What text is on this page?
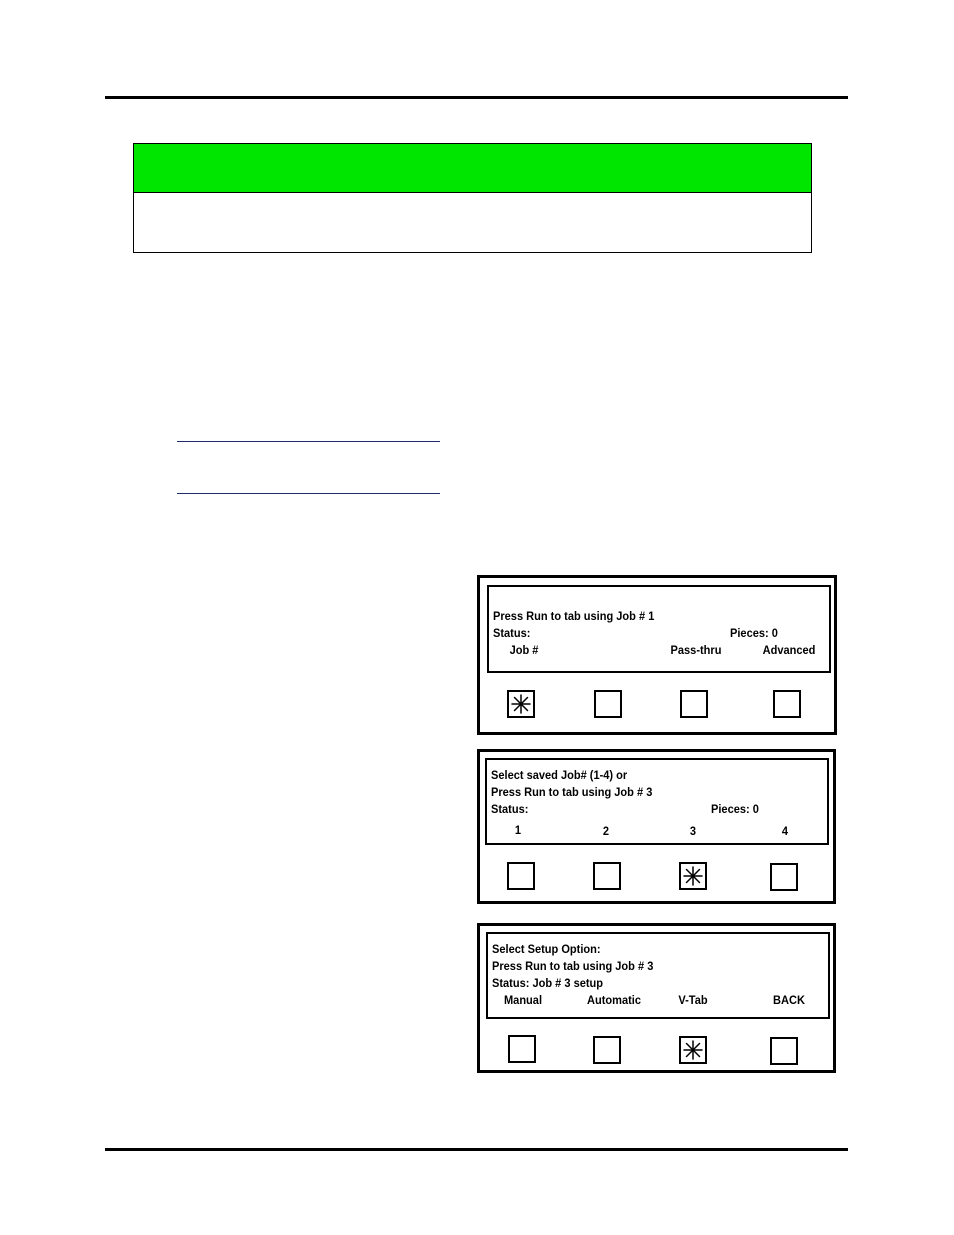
Press Run to tab using Job # 1
Status:	Pieces: 0
Job #	Pass-thru	Advanced
Select saved Job# (1-4) or
Press Run to tab using Job # 3
Status:	Pieces: 0
1	2	3	4
Select Setup Option:
Press Run to tab using Job # 3
Status: Job # 3 setup
Manual	Automatic	V-Tab	BACK
